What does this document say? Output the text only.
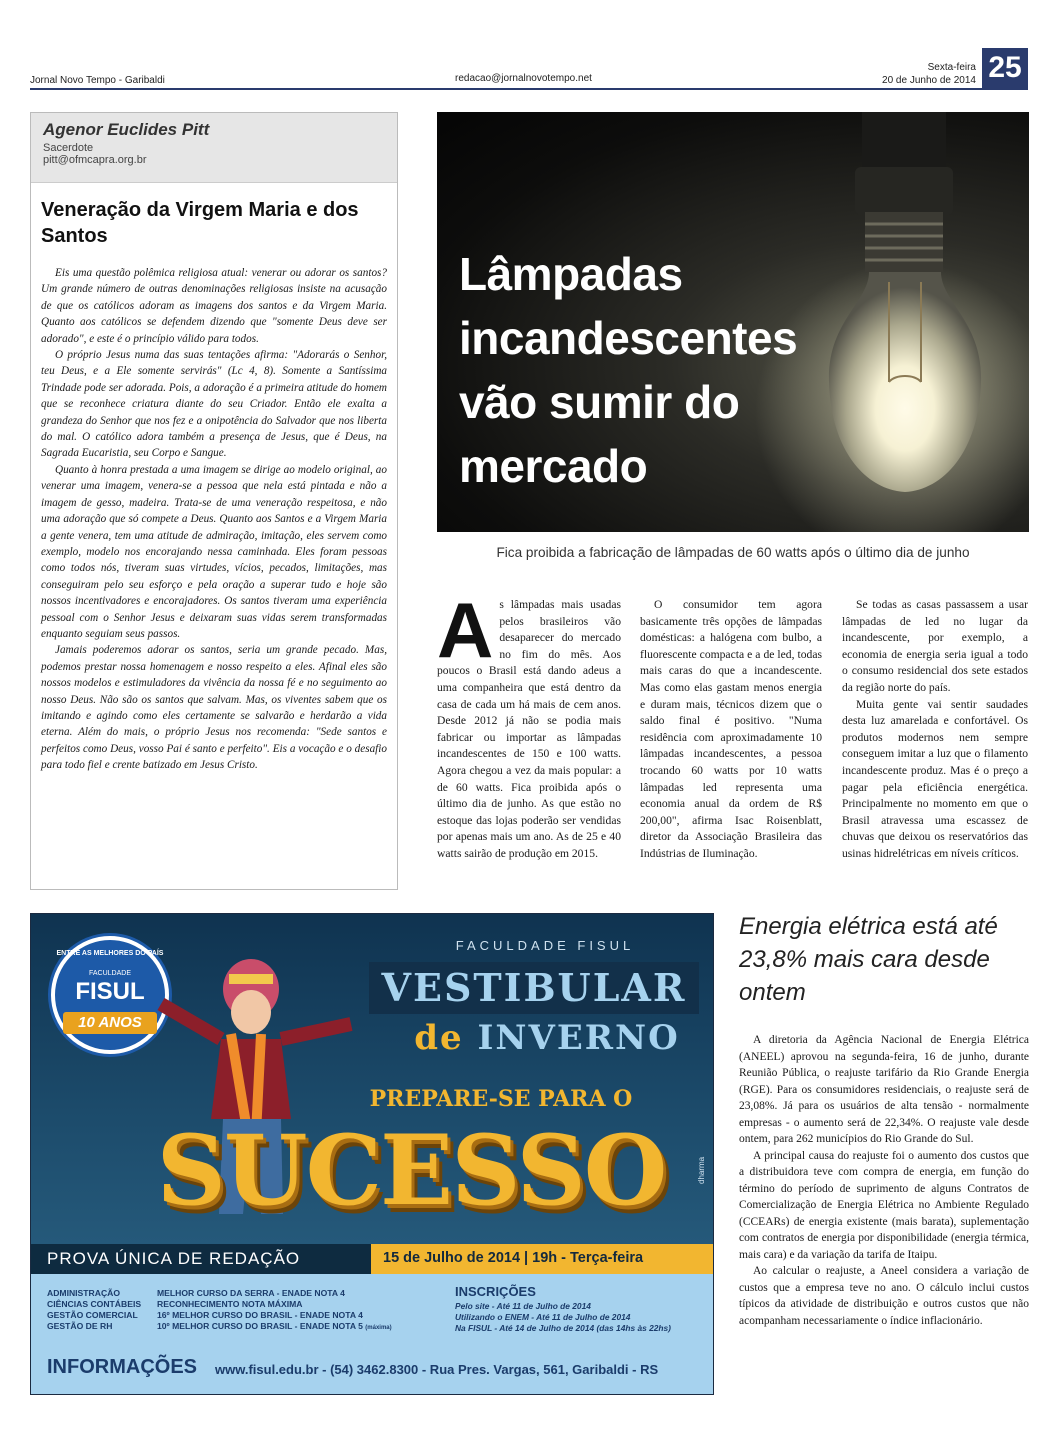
Jornal Novo Tempo - Garibaldi	redacao@jornalnovotempo.net
Sexta-feira
20 de Junho de 2014 25
Agenor Euclides Pitt
Sacerdote
pitt@ofmcapra.org.br
Veneração da Virgem Maria e dos Santos

Eis uma questão polêmica religiosa atual: venerar ou adorar os santos? Um grande número de outras denominações religiosas insiste na acusação de que os católicos adoram as imagens dos santos e da Virgem Maria. Quanto aos católicos se defendem dizendo que "somente Deus deve ser adorado", e este é o princípio válido para todos.

O próprio Jesus numa das suas tentações afirma: "Adorarás o Senhor, teu Deus, e a Ele somente servirás" (Lc 4, 8). Somente a Santíssima Trindade pode ser adorada. Pois, a adoração é a primeira atitude do homem que se reconhece criatura diante do seu Criador. Então ele exalta a grandeza do Senhor que nos fez e a onipotência do Salvador que nos liberta do mal. O católico adora também a presença de Jesus, que é Deus, na Sagrada Eucaristia, seu Corpo e Sangue.

Quanto à honra prestada a uma imagem se dirige ao modelo original, ao venerar uma imagem, venera-se a pessoa que nela está pintada e não a imagem de gesso, madeira. Trata-se de uma veneração respeitosa, e não uma adoração que só compete a Deus. Quanto aos Santos e a Virgem Maria a gente venera, tem uma atitude de admiração, imitação, eles servem como exemplo, modelo nos encorajando nessa caminhada. Eles foram pessoas como todos nós, tiveram suas virtudes, vícios, pecados, limitações, mas conseguiram pelo seu esforço e pela oração a superar tudo e hoje são nossos incentivadores e encorajadores. Os santos tiveram uma experiência pessoal com o Senhor Jesus e deixaram suas vidas serem transformadas enquanto seguiam seus passos.

Jamais poderemos adorar os santos, seria um grande pecado. Mas, podemos prestar nossa homenagem e nosso respeito a eles. Afinal eles são nossos modelos e estimuladores da vivência da nossa fé e no seguimento ao nosso Deus. Não são os santos que salvam. Mas, os viventes sabem que os imitando e agindo como eles certamente se salvarão e herdarão a vida eterna. Além do mais, o próprio Jesus nos recomenda: "Sede santos e perfeitos como Deus, vosso Pai é santo e perfeito". Eis a vocação e o desafio para todo fiel e crente batizado em Jesus Cristo.

Lâmpadas incandescentes vão sumir do mercado
Fica proibida a fabricação de lâmpadas de 60 watts após o último dia de junho
As lâmpadas mais usadas pelos brasileiros vão desaparecer do mercado no fim do mês. Aos poucos o Brasil está dando adeus a uma companheira que está dentro da casa de cada um há mais de cem anos. Desde 2012 já não se podia mais fabricar ou importar as lâmpadas incandescentes de 150 e 100 watts. Agora chegou a vez da mais popular: a de 60 watts. Fica proibida após o último dia de junho. As que estão no estoque das lojas poderão ser vendidas por apenas mais um ano. As de 25 e 40 watts sairão de produção em 2015.

O consumidor tem agora basicamente três opções de lâmpadas domésticas: a halógena com bulbo, a fluorescente compacta e a de led, todas mais caras do que a incandescente. Mas como elas gastam menos energia e duram mais, técnicos dizem que o saldo final é positivo. "Numa residência com aproximadamente 10 lâmpadas incandescentes, a pessoa trocando 60 watts por 10 watts lâmpadas led representa uma economia anual da ordem de R$ 200,00", afirma Isac Roisenblatt, diretor da Associação Brasileira das Indústrias de Iluminação.

Se todas as casas passassem a usar lâmpadas de led no lugar da incandescente, por exemplo, a economia de energia seria igual a todo o consumo residencial dos sete estados da região norte do país.

Muita gente vai sentir saudades desta luz amarelada e confortável. Os produtos modernos nem sempre conseguem imitar a luz que o filamento incandescente produz. Mas é o preço a pagar pela eficiência energética. Principalmente no momento em que o Brasil atravessa uma escassez de chuvas que deixou os reservatórios das usinas hidrelétricas em níveis críticos.

ENTRE AS MELHORES DO PAÍS
FACULDADE
FISUL
10 ANOS
FACULDADE FISUL
VESTIBULAR
de INVERNO
PREPARE-SE PARA O
SUCESSO	dharma
PROVA ÚNICA DE REDAÇÃO	15 de Julho de 2014 | 19h - Terça-feira
ADMINISTRAÇÃO
CIÊNCIAS CONTÁBEIS
GESTÃO COMERCIAL
GESTÃO DE RH
MELHOR CURSO DA SERRA - ENADE NOTA 4
RECONHECIMENTO NOTA MÁXIMA
16º MELHOR CURSO DO BRASIL - ENADE NOTA 4
10º MELHOR CURSO DO BRASIL - ENADE NOTA 5 (máxima)
INSCRIÇÕES
Pelo site - Até 11 de Julho de 2014
Utilizando o ENEM - Até 11 de Julho de 2014
Na FISUL - Até 14 de Julho de 2014 (das 14hs às 22hs)
INFORMAÇÕES www.fisul.edu.br - (54) 3462.8300 - Rua Pres. Vargas, 561, Garibaldi - RS
Energia elétrica está até 23,8% mais cara desde ontem

A diretoria da Agência Nacional de Energia Elétrica (ANEEL) aprovou na segunda-feira, 16 de junho, durante Reunião Pública, o reajuste tarifário da Rio Grande Energia (RGE). Para os consumidores residenciais, o reajuste será de 23,08%. Já para os usuários de alta tensão - normalmente empresas - o aumento será de 22,34%. O reajuste vale desde ontem, para 262 municípios do Rio Grande do Sul.

A principal causa do reajuste foi o aumento dos custos que a distribuidora teve com compra de energia, em função do término do período de suprimento de alguns Contratos de Comercialização de Energia Elétrica no Ambiente Regulado (CCEARs) de energia existente (mais barata), suplementação com contratos de energia por disponibilidade (energia térmica, mais cara) e da variação da tarifa de Itaipu.

Ao calcular o reajuste, a Aneel considera a variação de custos que a empresa teve no ano. O cálculo inclui custos típicos da atividade de distribuição e outros custos que não acompanham necessariamente o índice inflacionário.
